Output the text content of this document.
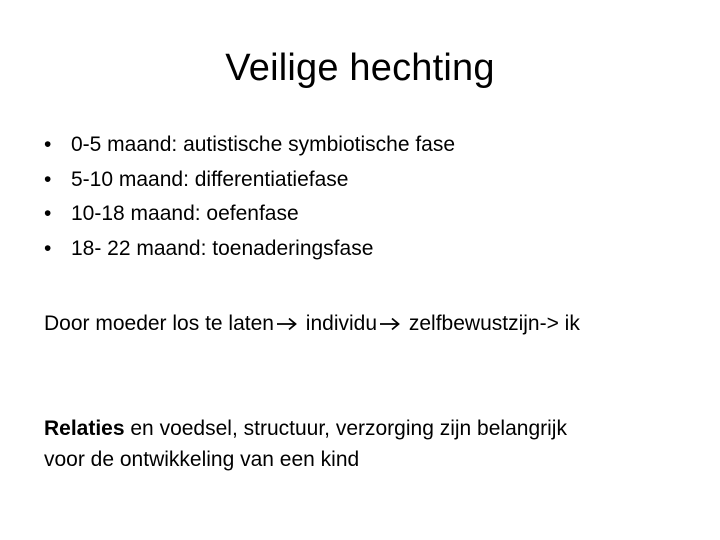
Veilige hechting
• 0-5 maand: autistische symbiotische fase
• 5-10 maand: differentiatiefase
• 10-18 maand: oefenfase
• 18- 22 maand: toenaderingsfase
Door moeder los te laten individu zelfbewustzijn-> ik
Relaties en voedsel, structuur, verzorging zijn belangrijk
voor de ontwikkeling van een kind
